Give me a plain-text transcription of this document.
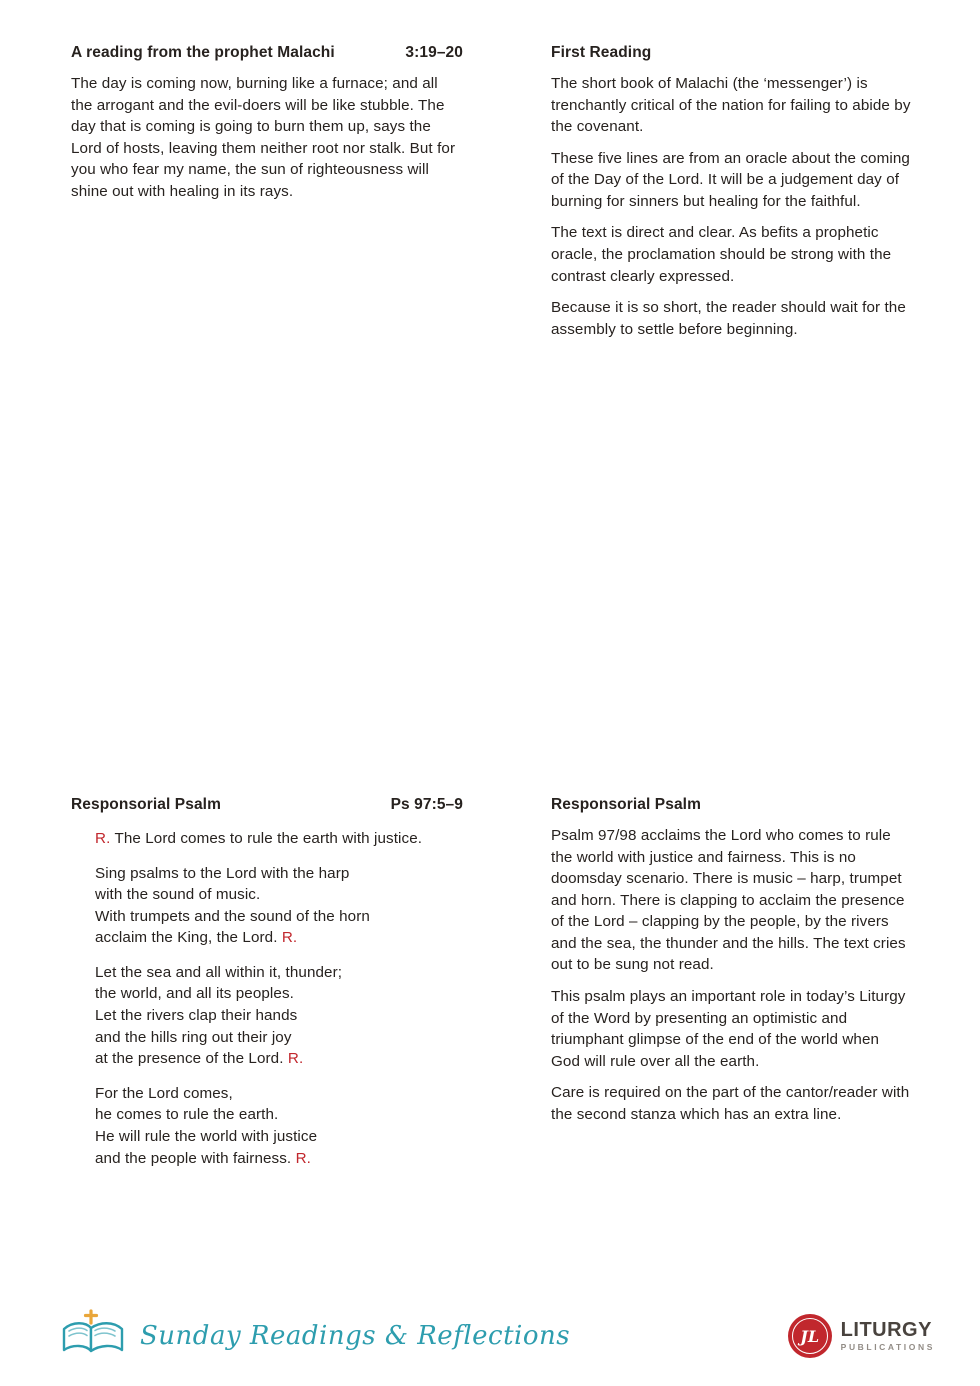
A reading from the prophet Malachi	3:19–20

The day is coming now, burning like a furnace; and all the arrogant and the evil-doers will be like stubble. The day that is coming is going to burn them up, says the Lord of hosts, leaving them neither root nor stalk. But for you who fear my name, the sun of righteousness will shine out with healing in its rays.

First Reading

The short book of Malachi (the ‘messenger’) is trenchantly critical of the nation for failing to abide by the covenant.

These five lines are from an oracle about the coming of the Day of the Lord. It will be a judgement day of burning for sinners but healing for the faithful.

The text is direct and clear. As befits a prophetic oracle, the proclamation should be strong with the contrast clearly expressed.

Because it is so short, the reader should wait for the assembly to settle before beginning.

Responsorial Psalm	Ps 97:5–9

R. The Lord comes to rule the earth with justice.

Sing psalms to the Lord with the harp
with the sound of music.
With trumpets and the sound of the horn
acclaim the King, the Lord. R.
Let the sea and all within it, thunder;
the world, and all its peoples.
Let the rivers clap their hands
and the hills ring out their joy
at the presence of the Lord. R.
For the Lord comes,
he comes to rule the earth.
He will rule the world with justice
and the people with fairness. R.
Responsorial Psalm

Psalm 97/98 acclaims the Lord who comes to rule the world with justice and fairness. This is no doomsday scenario. There is music – harp, trumpet and horn. There is clapping to acclaim the presence of the Lord – clapping by the people, by the rivers and the sea, the thunder and the hills. The text cries out to be sung not read.

This psalm plays an important role in today’s Liturgy of the Word by presenting an optimistic and triumphant glimpse of the end of the world when God will rule over all the earth.

Care is required on the part of the cantor/reader with the second stanza which has an extra line.

Sunday Readings & Reflections	JL LITURGY
PUBLICATIONS
